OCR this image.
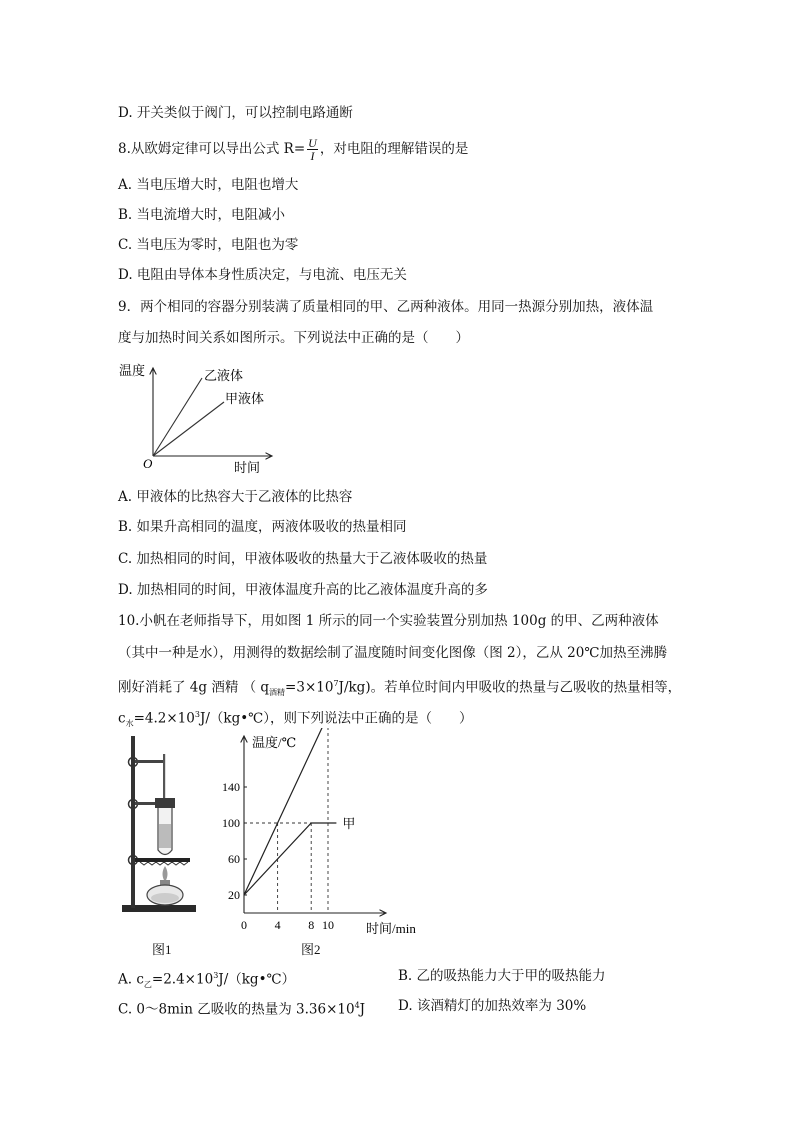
D. 开关类似于阀门，可以控制电路通断
8.从欧姆定律可以导出公式 $R= \frac{U}{I}$ ，对电阻的理解错误的是
A. 当电压增大时，电阻也增大
B. 当电流增大时，电阻减小
C. 当电压为零时，电阻也为零
D. 电阻由导体本身性质决定，与电流、电压无关
9．两个相同的容器分别装满了质量相同的甲、乙两种液体。用同一热源分别加热，液体温
度与加热时间关系如图所示。下列说法中正确的是（　　）
温度
时间
O
乙液体
甲液体
A. 甲液体的比热容大于乙液体的比热容
B. 如果升高相同的温度，两液体吸收的热量相同
C. 加热相同的时间，甲液体吸收的热量大于乙液体吸收的热量
D. 加热相同的时间，甲液体温度升高的比乙液体温度升高的多
10.小帆在老师指导下，用如图 1 所示的同一个实验装置分别加热 100g 的甲、乙两种液体
（其中一种是水），用测得的数据绘制了温度随时间变化图像（图 2），乙从 20℃加热至沸腾
刚好消耗了 4g 酒精 （ $q_{酒精}=3\times 10^7J/kg$)。若单位时间内甲吸收的热量与乙吸收的热量相等，
$c_水=4.2\times 10^3J/(kg•℃)$，则下列说法中正确的是（　　）
图1
温度/℃
时间/min
甲
20
60
100
140
0 4 8 10
图2
A. $c_乙=2.4\times 10^3J/(kg•℃)$	B. 乙的吸热能力大于甲的吸热能力
C. 0～8min 乙吸收的热量为 $3.36\times 10^4J$ D. 该酒精灯的加热效率为 30%
